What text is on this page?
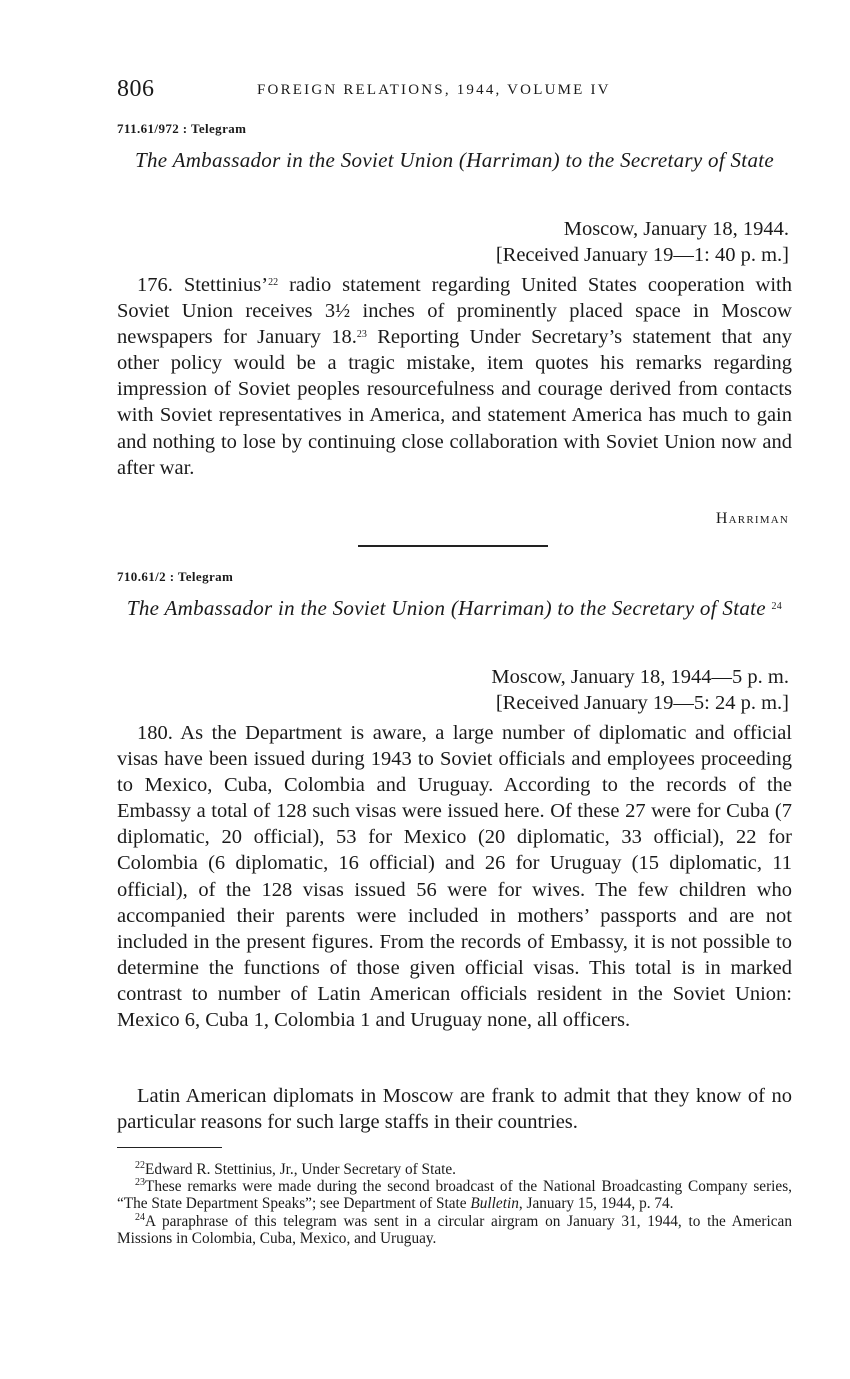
806	FOREIGN RELATIONS, 1944, VOLUME IV
711.61/972 : Telegram
The Ambassador in the Soviet Union (Harriman) to the Secretary of State
Moscow, January 18, 1944.
[Received January 19—1: 40 p. m.]
176. Stettinius’$^{22}$ radio statement regarding United States cooperation with Soviet Union receives 3½ inches of prominently placed space in Moscow newspapers for January 18.23 Reporting Under Secretary’s statement that any other policy would be a tragic mistake, item quotes his remarks regarding impression of Soviet peoples resourcefulness and courage derived from contacts with Soviet representatives in America, and statement America has much to gain and nothing to lose by continuing close collaboration with Soviet Union now and after war.
Harriman
710.61/2 : Telegram
The Ambassador in the Soviet Union (Harriman) to the Secretary of State $^{24}$
Moscow, January 18, 1944—5 p. m.
[Received January 19—5: 24 p. m.]
180. As the Department is aware, a large number of diplomatic and official visas have been issued during 1943 to Soviet officials and employees proceeding to Mexico, Cuba, Colombia and Uruguay. According to the records of the Embassy a total of 128 such visas were issued here. Of these 27 were for Cuba (7 diplomatic, 20 official), 53 for Mexico (20 diplomatic, 33 official), 22 for Colombia (6 diplomatic, 16 official) and 26 for Uruguay (15 diplomatic, 11 official), of the 128 visas issued 56 were for wives. The few children who accompanied their parents were included in mothers’ passports and are not included in the present figures. From the records of Embassy, it is not possible to determine the functions of those given official visas. This total is in marked contrast to number of Latin American officials resident in the Soviet Union: Mexico 6, Cuba 1, Colombia 1 and Uruguay none, all officers.
Latin American diplomats in Moscow are frank to admit that they know of no particular reasons for such large staffs in their countries.

$^{22}$Edward R. Stettinius, Jr., Under Secretary of State.

$^{23}$These remarks were made during the second broadcast of the National Broadcasting Company series, “The State Department Speaks”; see Department of State Bulletin, January 15, 1944, p. 74.

$^{24}$A paraphrase of this telegram was sent in a circular airgram on January 31, 1944, to the American Missions in Colombia, Cuba, Mexico, and Uruguay.
